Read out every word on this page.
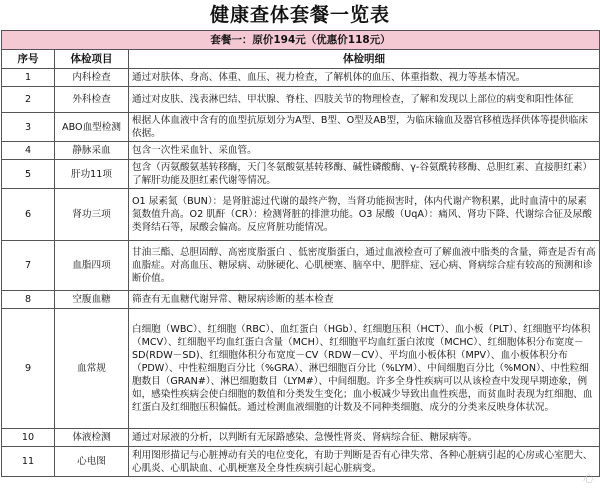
健康查体套餐一览表
套餐一：原价194元（优惠价118元）		
序号	体检项目	体检明细
1	内科检查	通过对肤体、身高、体重、血压、视力检查，了解机体的血压、体重指数、视力等基本情况。
2	外科检查	通过对皮肤、浅表淋巴结、甲状腺、脊柱、四肢关节的物理检查，了解和发现以上部位的病变和阳性体征
3	ABO血型检测	根据人体血液中含有的血型抗原划分为A型、B型、O型及AB型，为临床输血及器官移植选择供体等提供临床依据。
4	静脉采血	包含一次性采血针、采血管。
5	肝功11项	包含（丙氨酸氨基转移酶，天门冬氨酸氨基转移酶、碱性磷酸酶、γ-谷氨酰转移酶、总胆红素、直接胆红素）了解肝功能及胆红素代谢等情况。
6	肾功三项	O1 尿素氮（BUN）：是肾脏滤过代谢的最终产物，当肾功能损害时，体内代谢产物积累，此时血清中的尿素氮数值升高。O2 肌酐（CR）：检测肾脏的排泄功能。O3 尿酸（UqA）：痛风、肾功下降、代谢综合征及尿酸类肾结石等，尿酸会偏高。反应肾脏功能情况。
7	血脂四项	甘油三酯、总胆固醇、高密度脂蛋白 、低密度脂蛋白，通过血液检查可了解血液中脂类的含量，筛查是否有高血脂症。对高血压、糖尿病、动脉硬化、心肌梗塞、脑卒中、肥胖症、冠心病、肾病综合症有较高的预测和诊断价值。
8	空腹血糖	筛查有无血糖代谢异常、糖尿病诊断的基本检查
9	血常规	白细胞（WBC）、红细胞（RBC）、血红蛋白（HGb）、红细胞压积（HCT）、血小板（PLT）、红细胞平均体积（MCV）、红细胞平均血红蛋白含量（MCH）、红细胞平均血红蛋白浓度（MCHC）、红细胞体积分布宽度－SD(RDW－SD)、红细胞体积分布宽度－CV（RDW－CV）、平均血小板体积（MPV）、血小板体积分布（PDW）、中性粒细胞百分比（%GRA）、淋巴细胞百分比（%LYM）、中间细胞百分比（%MON）、中性粒细胞数目（GRAN#）、淋巴细胞数目（LYM#）、中间细胞。许多全身性疾病可以从该检查中发现早期迹象，例如，感染性疾病会使白细胞的数值和分类发生变化；血小板减少导致出血性疾患，而贫血时表现为红细胞、血红蛋白及红细胞压积偏低。通过检测血液细胞的计数及不同种类细胞、成分的分类来反映身体状况。
10	体液检测	通过对尿液的分析，以判断有无尿路感染、急慢性肾炎、肾病综合征、糖尿病等。
11	心电图	利用图形描记与心脏搏动有关的电位变化，有助于判断是否有心律失常、各种心脏病引起的心房或心室肥大、心肌炎、心肌缺血、心肌梗塞及全身性疾病引起心脏病变。
心
